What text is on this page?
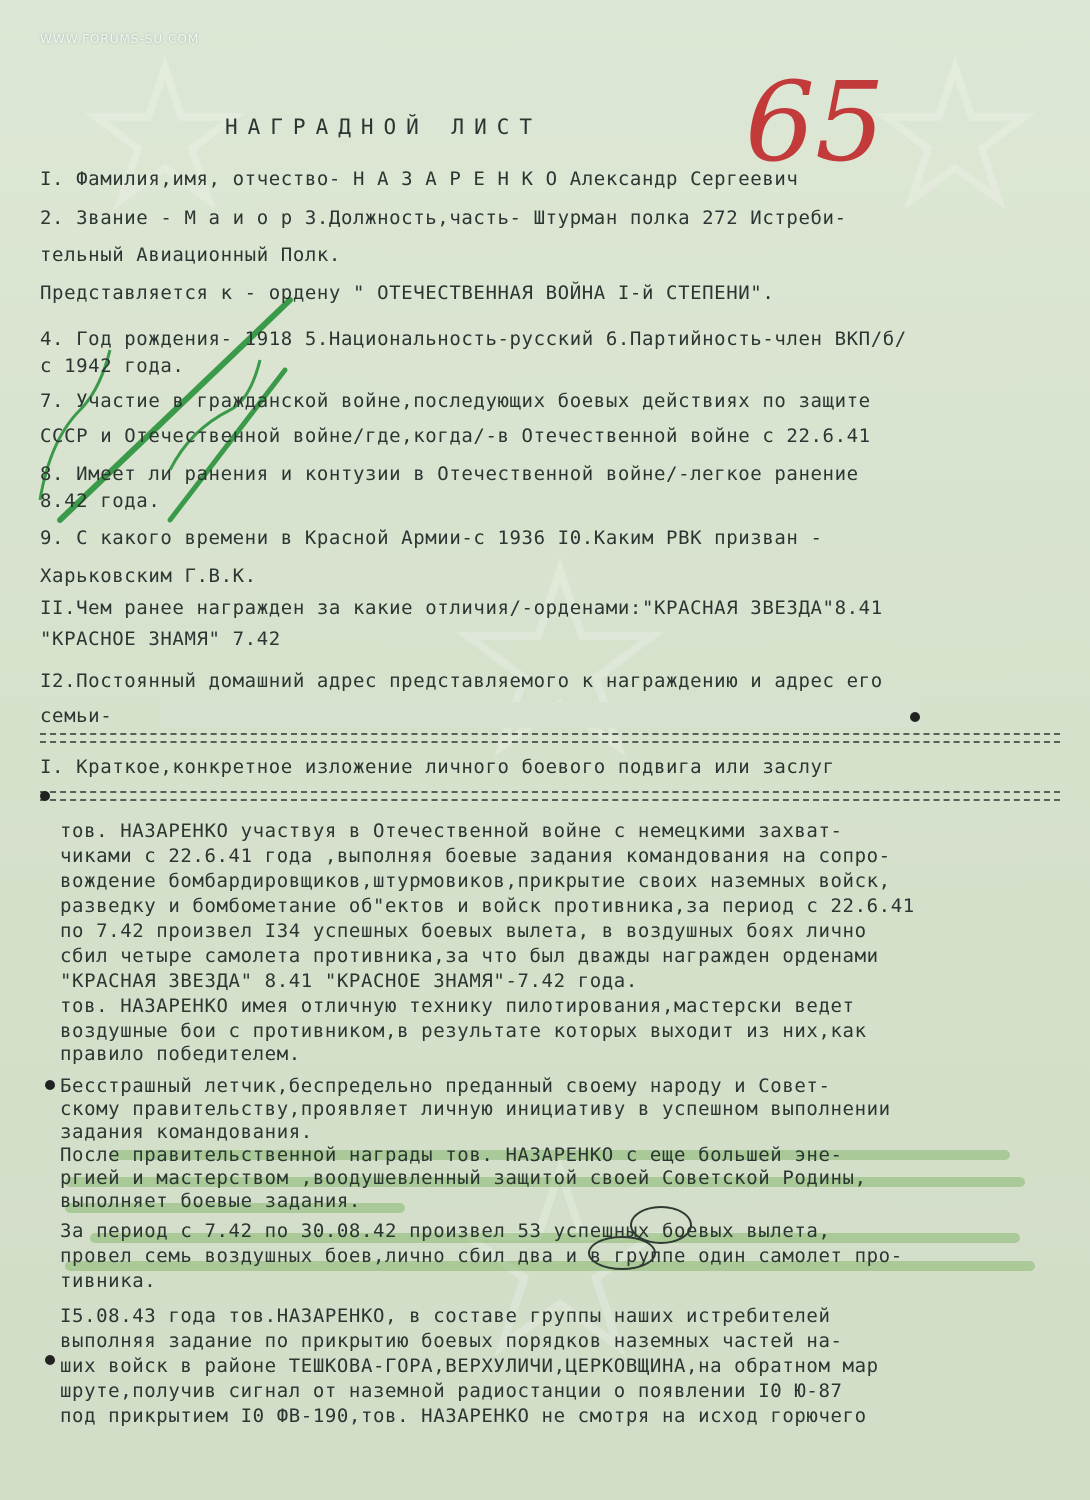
WWW.FORUMS-SU.COM
65
НАГРАДНОЙ ЛИСТ
I. Фамилия,имя, отчество- Н А З А Р Е Н К О Александр Сергеевич
2. Звание - М а и о р 3.Должность,часть- Штурман полка 272 Истреби-
тельный Авиационный Полк.
Представляется к - ордену " ОТЕЧЕСТВЕННАЯ ВОЙНА I-й СТЕПЕНИ".
4. Год рождения- 1918 5.Национальность-русский 6.Партийность-член ВКП/б/
с 1942 года.
7. Участие в гражданской войне,последующих боевых действиях по защите
СССР и Отечественной войне/где,когда/-в Отечественной войне с 22.6.41
8. Имеет ли ранения и контузии в Отечественной войне/-легкое ранение
8.42 года.
9. С какого времени в Красной Армии-с 1936 I0.Каким РВК призван -
Харьковским Г.В.К.
II.Чем ранее награжден за какие отличия/-орденами:"КРАСНАЯ ЗВЕЗДА"8.41
"КРАСНОЕ ЗНАМЯ" 7.42
I2.Постоянный домашний адрес представляемого к награждению и адрес его
семьи-
I. Краткое,конкретное изложение личного боевого подвига или заслуг
тов. НАЗАРЕНКО участвуя в Отечественной войне с немецкими захват-
чиками с 22.6.41 года ,выполняя боевые задания командования на сопро-
вождение бомбардировщиков,штурмовиков,прикрытие своих наземных войск,
разведку и бомбометание об"ектов и войск противника,за период с 22.6.41
по 7.42 произвел I34 успешных боевых вылета, в воздушных боях лично
сбил четыре самолета противника,за что был дважды награжден орденами
"КРАСНАЯ ЗВЕЗДА" 8.41 "КРАСНОЕ ЗНАМЯ"-7.42 года.
тов. НАЗАРЕНКО имея отличную технику пилотирования,мастерски ведет
воздушные бои с противником,в результате которых выходит из них,как
правило победителем.
Бесстрашный летчик,беспредельно преданный своему народу и Совет-
скому правительству,проявляет личную инициативу в успешном выполнении
задания командования.
После правительственной награды тов. НАЗАРЕНКО с еще большей эне-
ргией и мастерством ,воодушевленный защитой своей Советской Родины,
выполняет боевые задания.
За период с 7.42 по 30.08.42 произвел 53 успешных боевых вылета,
провел семь воздушных боев,лично сбил два и в группе один самолет про-
тивника.
I5.08.43 года тов.НАЗАРЕНКО, в составе группы наших истребителей
выполняя задание по прикрытию боевых порядков наземных частей на-
ших войск в районе ТЕШКОВА-ГОРА,ВЕРХУЛИЧИ,ЦЕРКОВЩИНА,на обратном мар
шруте,получив сигнал от наземной радиостанции о появлении I0 Ю-87
под прикрытием I0 ФВ-190,тов. НАЗАРЕНКО не смотря на исход горючего
